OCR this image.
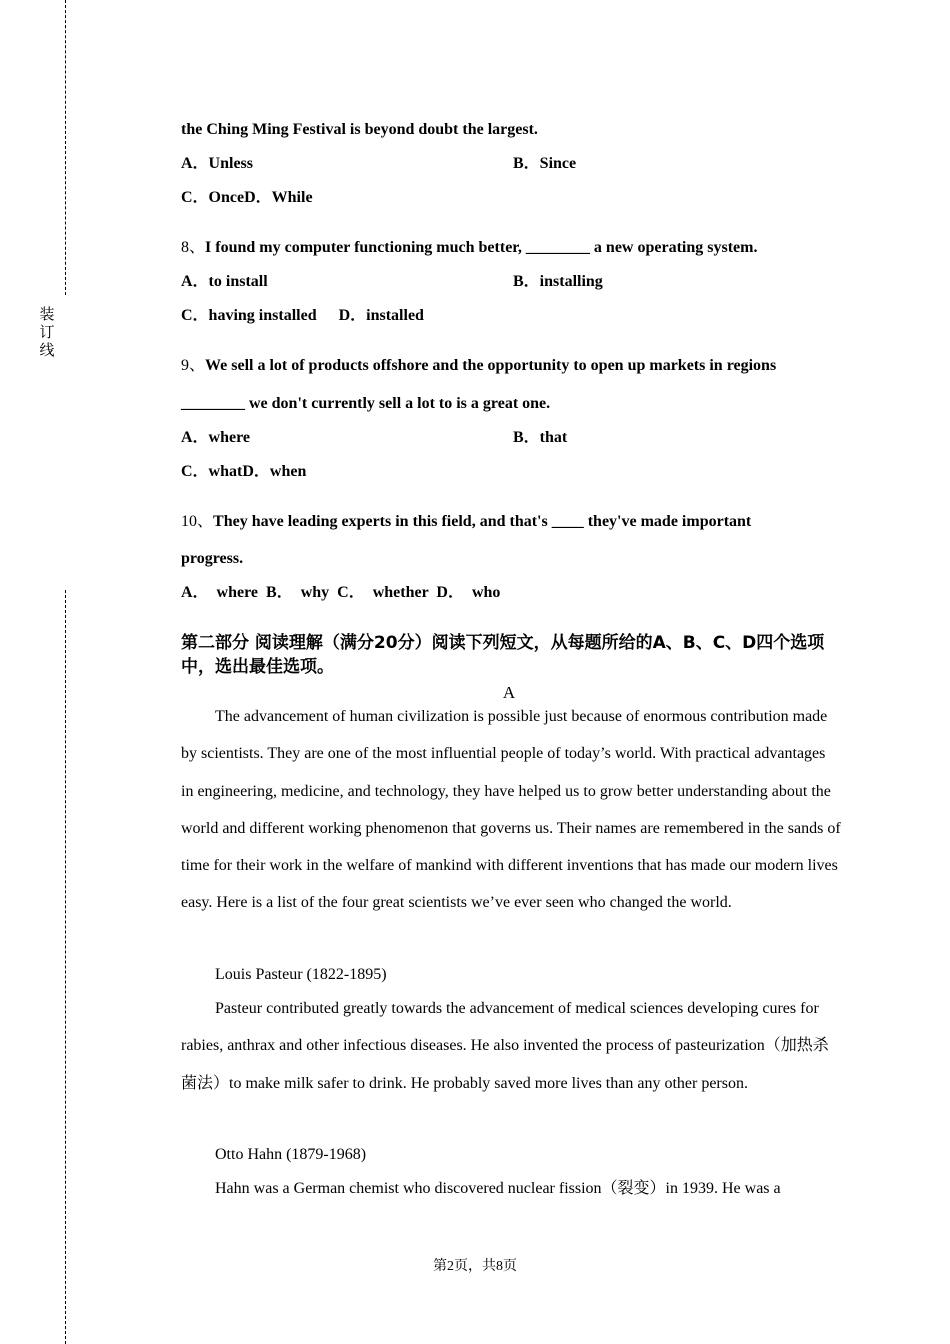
装
订
线
the Ching Ming Festival is beyond doubt the largest.
A．Unless	B．Since
C．OnceD．While
8、I found my computer functioning much better, ________ a new operating system.
A．to install	B．installing
C．having installed D．installed
9、We sell a lot of products offshore and the opportunity to open up markets in regions
________ we don't currently sell a lot to is a great one.
A．where	B．that
C．whatD．when
10、They have leading experts in this field, and that's ____ they've made important
progress.
A． where B． why C． whether D． who
第二部分 阅读理解（满分20分）阅读下列短文，从每题所给的A、B、C、D四个选项中，选出最佳选项。
A
The advancement of human civilization is possible just because of enormous contribution made by scientists. They are one of the most influential people of today’s world. With practical advantages in engineering, medicine, and technology, they have helped us to grow better understanding about the world and different working phenomenon that governs us. Their names are remembered in the sands of time for their work in the welfare of mankind with different inventions that has made our modern lives easy. Here is a list of the four great scientists we’ve ever seen who changed the world.
Louis Pasteur (1822-1895)
Pasteur contributed greatly towards the advancement of medical sciences developing cures for rabies, anthrax and other infectious diseases. He also invented the process of pasteurization（加热杀菌法）to make milk safer to drink. He probably saved more lives than any other person.
Otto Hahn (1879-1968)
Hahn was a German chemist who discovered nuclear fission（裂变）in 1939. He was a
第2页，共8页
